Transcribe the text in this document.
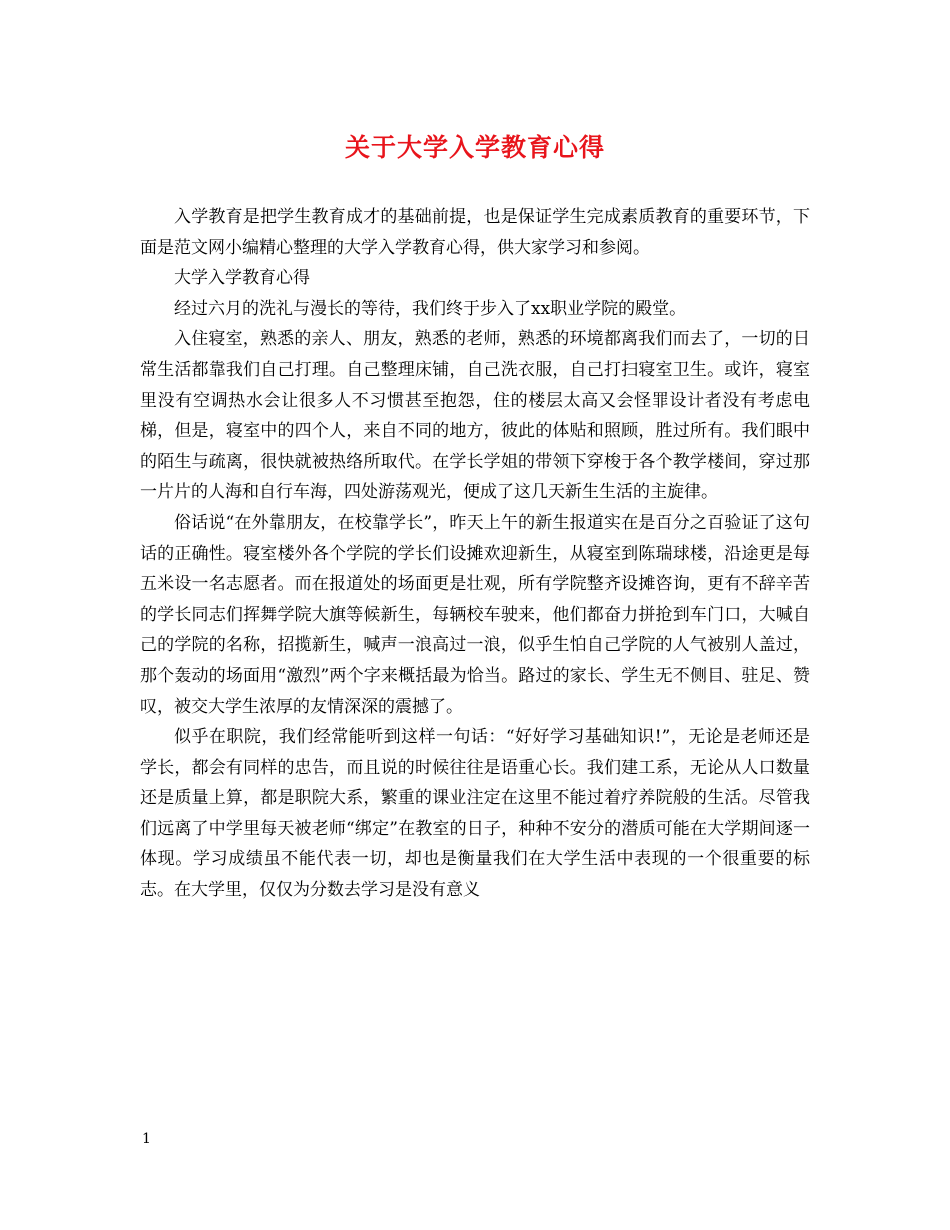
关于大学入学教育心得

入学教育是把学生教育成才的基础前提，也是保证学生完成素质教育的重要环节，下面是范文网小编精心整理的大学入学教育心得，供大家学习和参阅。

大学入学教育心得

经过六月的洗礼与漫长的等待，我们终于步入了xx职业学院的殿堂。

入住寝室，熟悉的亲人、朋友，熟悉的老师，熟悉的环境都离我们而去了，一切的日常生活都靠我们自己打理。自己整理床铺，自己洗衣服，自己打扫寝室卫生。或许，寝室里没有空调热水会让很多人不习惯甚至抱怨，住的楼层太高又会怪罪设计者没有考虑电梯，但是，寝室中的四个人，来自不同的地方，彼此的体贴和照顾，胜过所有。我们眼中的陌生与疏离，很快就被热络所取代。在学长学姐的带领下穿梭于各个教学楼间，穿过那一片片的人海和自行车海，四处游荡观光，便成了这几天新生生活的主旋律。

俗话说“在外靠朋友，在校靠学长”，昨天上午的新生报道实在是百分之百验证了这句话的正确性。寝室楼外各个学院的学长们设摊欢迎新生，从寝室到陈瑞球楼，沿途更是每五米设一名志愿者。而在报道处的场面更是壮观，所有学院整齐设摊咨询，更有不辞辛苦的学长同志们挥舞学院大旗等候新生，每辆校车驶来，他们都奋力拼抢到车门口，大喊自己的学院的名称，招揽新生，喊声一浪高过一浪，似乎生怕自己学院的人气被别人盖过，那个轰动的场面用“激烈”两个字来概括最为恰当。路过的家长、学生无不侧目、驻足、赞叹，被交大学生浓厚的友情深深的震撼了。

似乎在职院，我们经常能听到这样一句话：“好好学习基础知识!”，无论是老师还是学长，都会有同样的忠告，而且说的时候往往是语重心长。我们建工系，无论从人口数量还是质量上算，都是职院大系，繁重的课业注定在这里不能过着疗养院般的生活。尽管我们远离了中学里每天被老师“绑定”在教室的日子，种种不安分的潜质可能在大学期间逐一体现。学习成绩虽不能代表一切，却也是衡量我们在大学生活中表现的一个很重要的标志。在大学里，仅仅为分数去学习是没有意义

1
